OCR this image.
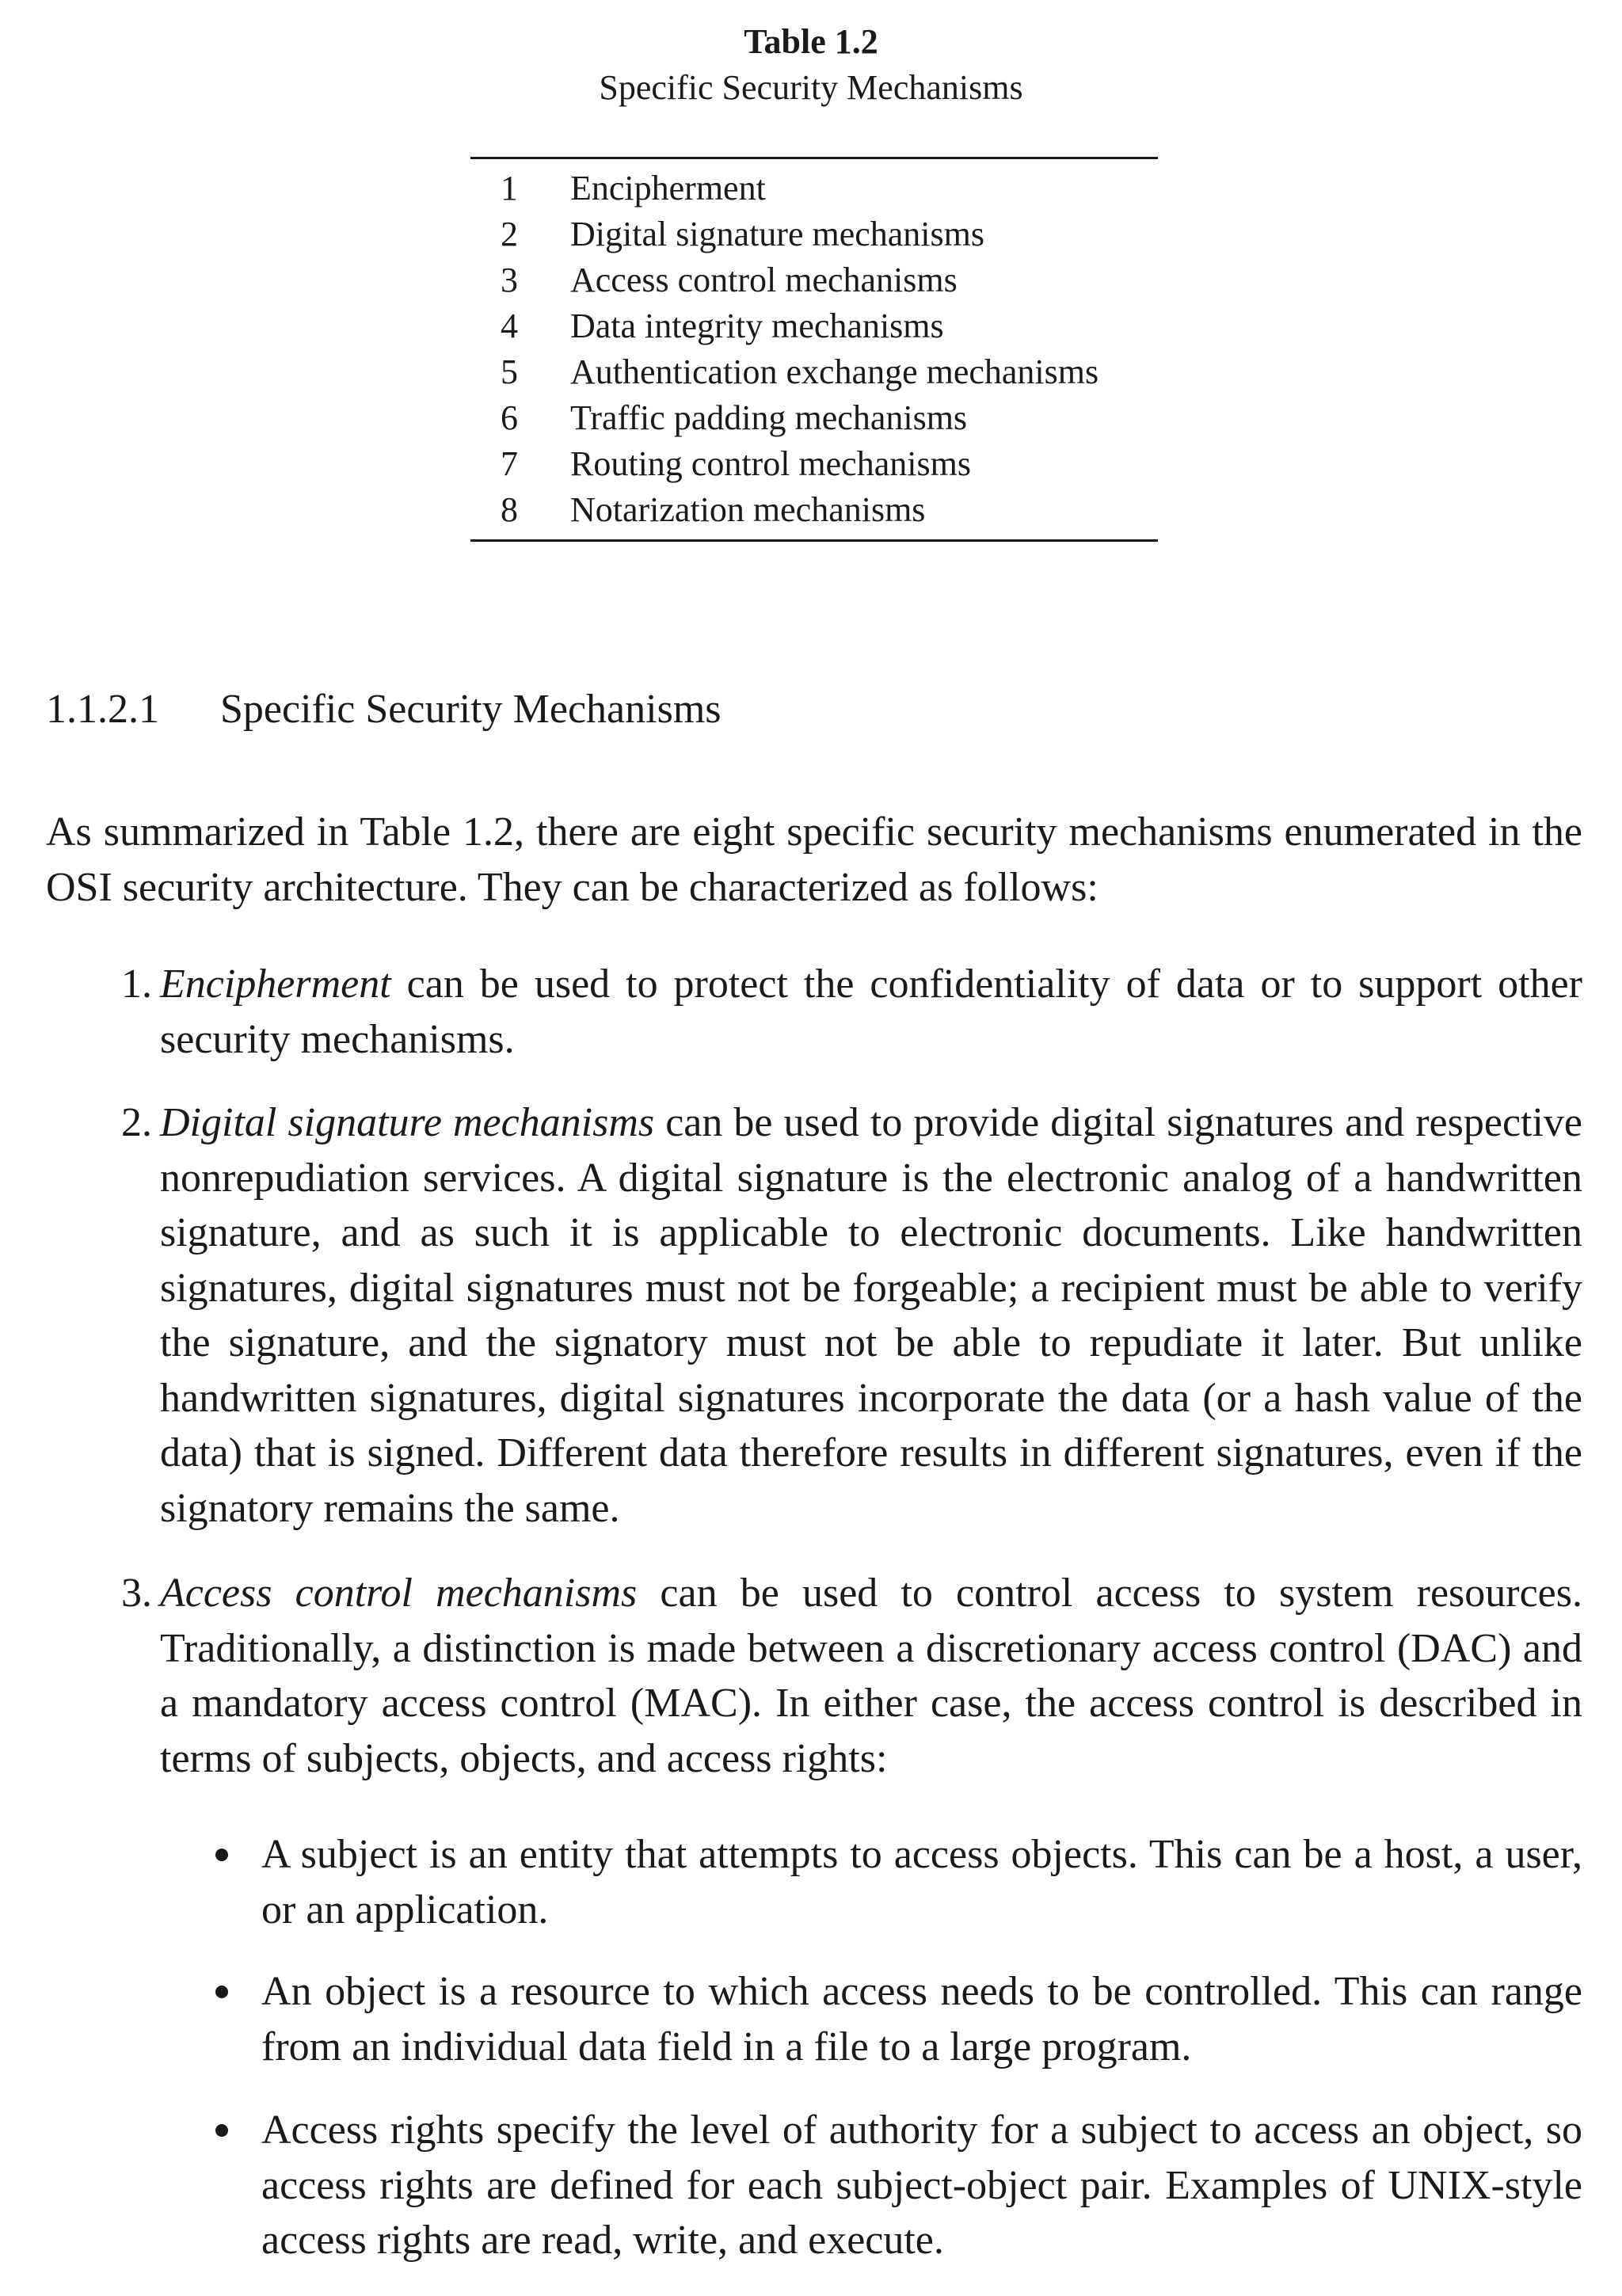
Table 1.2
Specific Security Mechanisms
1	Encipherment
2	Digital signature mechanisms
3	Access control mechanisms
4	Data integrity mechanisms
5	Authentication exchange mechanisms
6	Traffic padding mechanisms
7	Routing control mechanisms
8	Notarization mechanisms
1.1.2.1 Specific Security Mechanisms
As summarized in Table 1.2, there are eight specific security mechanisms enumerated in the OSI security architecture. They can be characterized as follows:
1. Encipherment can be used to protect the confidentiality of data or to support other security mechanisms.
2. Digital signature mechanisms can be used to provide digital signatures and respective nonrepudiation services. A digital signature is the electronic analog of a handwritten signature, and as such it is applicable to electronic documents. Like handwritten signatures, digital signatures must not be forgeable; a recipient must be able to verify the signature, and the signatory must not be able to repudiate it later. But unlike handwritten signatures, digital signatures incorporate the data (or a hash value of the data) that is signed. Different data therefore results in different signatures, even if the signatory remains the same.
3. Access control mechanisms can be used to control access to system resources. Traditionally, a distinction is made between a discretionary access control (DAC) and a mandatory access control (MAC). In either case, the access control is described in terms of subjects, objects, and access rights:
A subject is an entity that attempts to access objects. This can be a host, a user, or an application.
An object is a resource to which access needs to be controlled. This can range from an individual data field in a file to a large program.
Access rights specify the level of authority for a subject to access an object, so access rights are defined for each subject-object pair. Examples of UNIX-style access rights are read, write, and execute.
